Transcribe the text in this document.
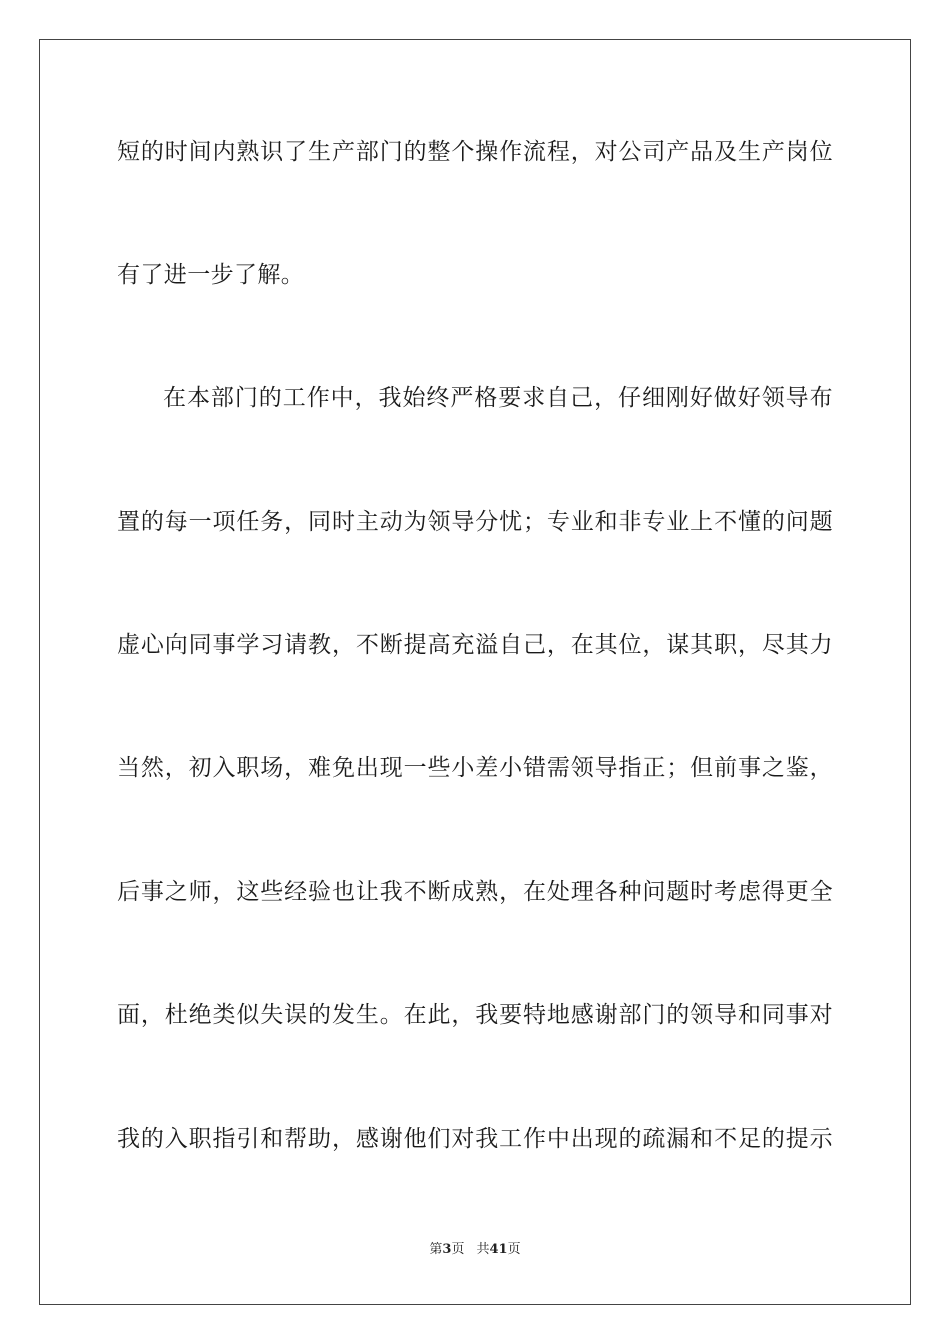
短的时间内熟识了生产部门的整个操作流程，对公司产品及生产岗位
有了进一步了解。
在本部门的工作中，我始终严格要求自己，仔细刚好做好领导布
置的每一项任务，同时主动为领导分忧；专业和非专业上不懂的问题
虚心向同事学习请教，不断提高充溢自己，在其位，谋其职，尽其力
当然，初入职场，难免出现一些小差小错需领导指正；但前事之鉴，
后事之师，这些经验也让我不断成熟，在处理各种问题时考虑得更全
面，杜绝类似失误的发生。在此，我要特地感谢部门的领导和同事对
我的入职指引和帮助，感谢他们对我工作中出现的疏漏和不足的提示
第3页 共41页
